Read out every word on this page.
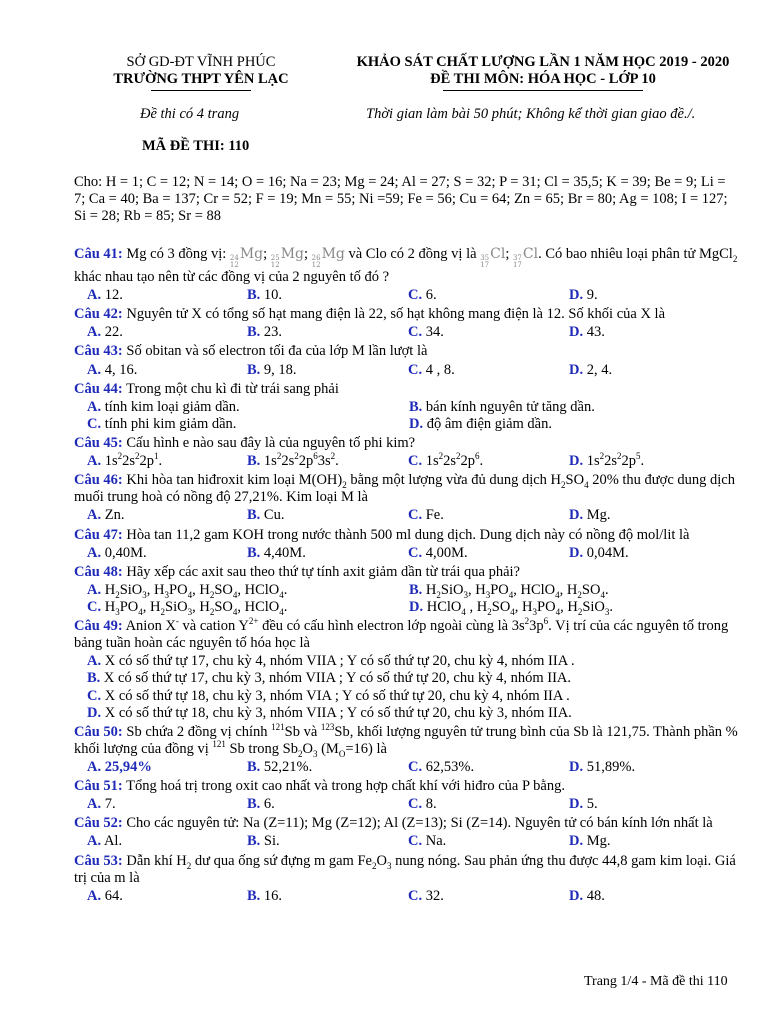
SỞ GD-ĐT VĨNH PHÚC
TRƯỜNG THPT YÊN LẠC
KHẢO SÁT CHẤT LƯỢNG LẦN 1 NĂM HỌC 2019 - 2020
ĐỀ THI MÔN: HÓA HỌC - LỚP 10
Đề thi có 4 trang	Thời gian làm bài 50 phút; Không kể thời gian giao đề./.
MÃ ĐỀ THI: 110
Cho: H = 1; C = 12; N = 14; O = 16; Na = 23; Mg = 24; Al = 27; S = 32; P = 31; Cl = 35,5; K = 39; Be = 9; Li = 7; Ca = 40; Ba = 137; Cr = 52; F = 19; Mn = 55; Ni =59; Fe = 56; Cu = 64; Zn = 65; Br = 80; Ag = 108; I = 127; Si = 28; Rb = 85; Sr = 88
Câu 41: Mg có 3 đồng vị: 24
12
Mg; 25
12
Mg; 26
12
Mg và Clo có 2 đồng vị là 35
17
Cl; 37
17
Cl. Có bao nhiêu loại phân tử MgCl$_2$ khác nhau tạo nên từ các đồng vị của 2 nguyên tố đó ?
A. 12.	B. 10.	C. 6.	D. 9.
Câu 42: Nguyên tử X có tổng số hạt mang điện là 22, số hạt không mang điện là 12. Số khối của X là
A. 22.	B. 23.	C. 34.	D. 43.
Câu 43: Số obitan và số electron tối đa của lớp M lần lượt là
A. 4, 16.	B. 9, 18.	C. 4 , 8.	D. 2, 4.
Câu 44: Trong một chu kì đi từ trái sang phải
A. tính kim loại giảm dần.	B. bán kính nguyên tử tăng dần.
C. tính phi kim giảm dần.	D. độ âm điện giảm dần.
Câu 45: Cấu hình e nào sau đây là của nguyên tố phi kim?
A. $1s^22s^22p^1$.	B. $1s^22s^22p^63s^2$.	C. $1s^22s^22p^6$.	D. $1s^22s^22p^5$.
Câu 46: Khi hòa tan hiđroxit kim loại $M(OH)_2$ bằng một lượng vừa đủ dung dịch $H_2SO_4$ 20% thu được dung dịch muối trung hoà có nồng độ 27,21%. Kim loại M là
A. Zn.	B. Cu.	C. Fe.	D. Mg.
Câu 47: Hòa tan 11,2 gam KOH trong nước thành 500 ml dung dịch. Dung dịch này có nồng độ mol/lit là
A. 0,40M.	B. 4,40M.	C. 4,00M.	D. 0,04M.
Câu 48: Hãy xếp các axit sau theo thứ tự tính axit giảm dần từ trái qua phải?
A. $H_2SiO_3$, $H_3PO_4$, $H_2SO_4$, HClO$_4$.	B. $H_2SiO_3$, $H_3PO_4$, HClO$_4$, $H_2SO_4$.
C. $H_3PO_4$, $H_2SiO_3$, $H_2SO_4$, HClO$_4$.	D. HClO$_4$ , $H_2SO_4$, $H_3PO_4$, $H_2SiO_3$.
Câu 49: Anion X- và cation $Y^{2+}$ đều có cấu hình electron lớp ngoài cùng là $3s^23p^6$. Vị trí của các nguyên tố trong bảng tuần hoàn các nguyên tố hóa học là
A. X có số thứ tự 17, chu kỳ 4, nhóm VIIA ; Y có số thứ tự 20, chu kỳ 4, nhóm IIA .
B. X có số thứ tự 17, chu kỳ 3, nhóm VIIA ; Y có số thứ tự 20, chu kỳ 4, nhóm IIA.
C. X có số thứ tự 18, chu kỳ 3, nhóm VIA ; Y có số thứ tự 20, chu kỳ 4, nhóm IIA .
D. X có số thứ tự 18, chu kỳ 3, nhóm VIIA ; Y có số thứ tự 20, chu kỳ 3, nhóm IIA.
Câu 50: Sb chứa 2 đồng vị chính $^{121}$Sb và $^{123}$Sb, khối lượng nguyên tử trung bình của Sb là 121,75. Thành phần % khối lượng của đồng vị $^{121}$ Sb trong $Sb_2O_3$ $(M_O=16)$ là
A. 25,94%	B. 52,21%.	C. 62,53%.	D. 51,89%.
Câu 51: Tổng hoá trị trong oxit cao nhất và trong hợp chất khí với hiđro của P bằng.
A. 7.	B. 6.	C. 8.	D. 5.
Câu 52: Cho các nguyên tử: Na (Z=11); Mg (Z=12); Al (Z=13); Si (Z=14). Nguyên tử có bán kính lớn nhất là
A. Al.	B. Si.	C. Na.	D. Mg.
Câu 53: Dẫn khí $H_2$ dư qua ống sứ đựng m gam $Fe_2O_3$ nung nóng. Sau phản ứng thu được 44,8 gam kim loại. Giá trị của m là
A. 64.	B. 16.	C. 32.	D. 48.
Trang 1/4 - Mã đề thi 110
